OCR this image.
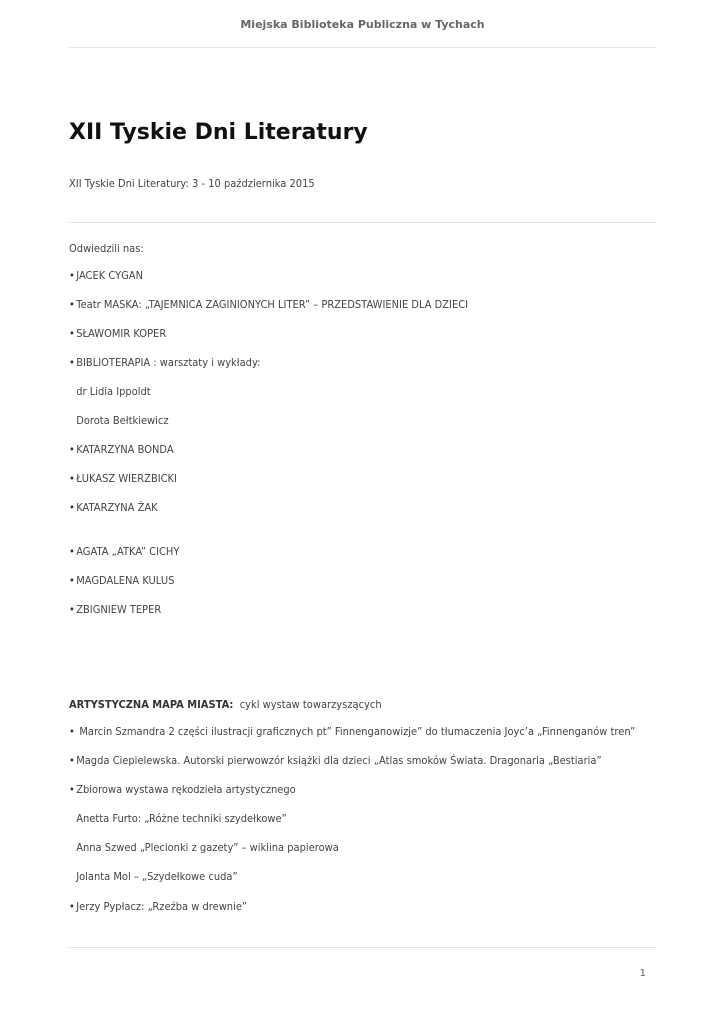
Miejska Biblioteka Publiczna w Tychach
XII Tyskie Dni Literatury
XII Tyskie Dni Literatury: 3 - 10 października 2015
Odwiedzili nas:
•JACEK CYGAN
•Teatr MASKA: „TAJEMNICA ZAGINIONYCH LITER” – PRZEDSTAWIENIE DLA DZIECI
•SŁAWOMIR KOPER
•BIBLIOTERAPIA : warsztaty i wykłady:
dr Lidia Ippoldt
Dorota Bełtkiewicz
•KATARZYNA BONDA
•ŁUKASZ WIERZBICKI
•KATARZYNA ŻAK
•AGATA „ATKA” CICHY
•MAGDALENA KULUS
•ZBIGNIEW TEPER
ARTYSTYCZNA MAPA MIASTA: cykl wystaw towarzyszących
• Marcin Szmandra 2 części ilustracji graficznych pt” Finnenganowizje” do tłumaczenia Joyc’a „Finnenganów tren”
•Magda Ciepielewska. Autorski pierwowzór książki dla dzieci „Atlas smoków Świata. Dragonaria „Bestiaria”
•Zbiorowa wystawa rękodzieła artystycznego
Anetta Furto: „Różne techniki szydełkowe”
Anna Szwed „Plecionki z gazety” – wiklina papierowa
Jolanta Mol – „Szydełkowe cuda”
•Jerzy Pypłacz: „Rzeźba w drewnie”
1
